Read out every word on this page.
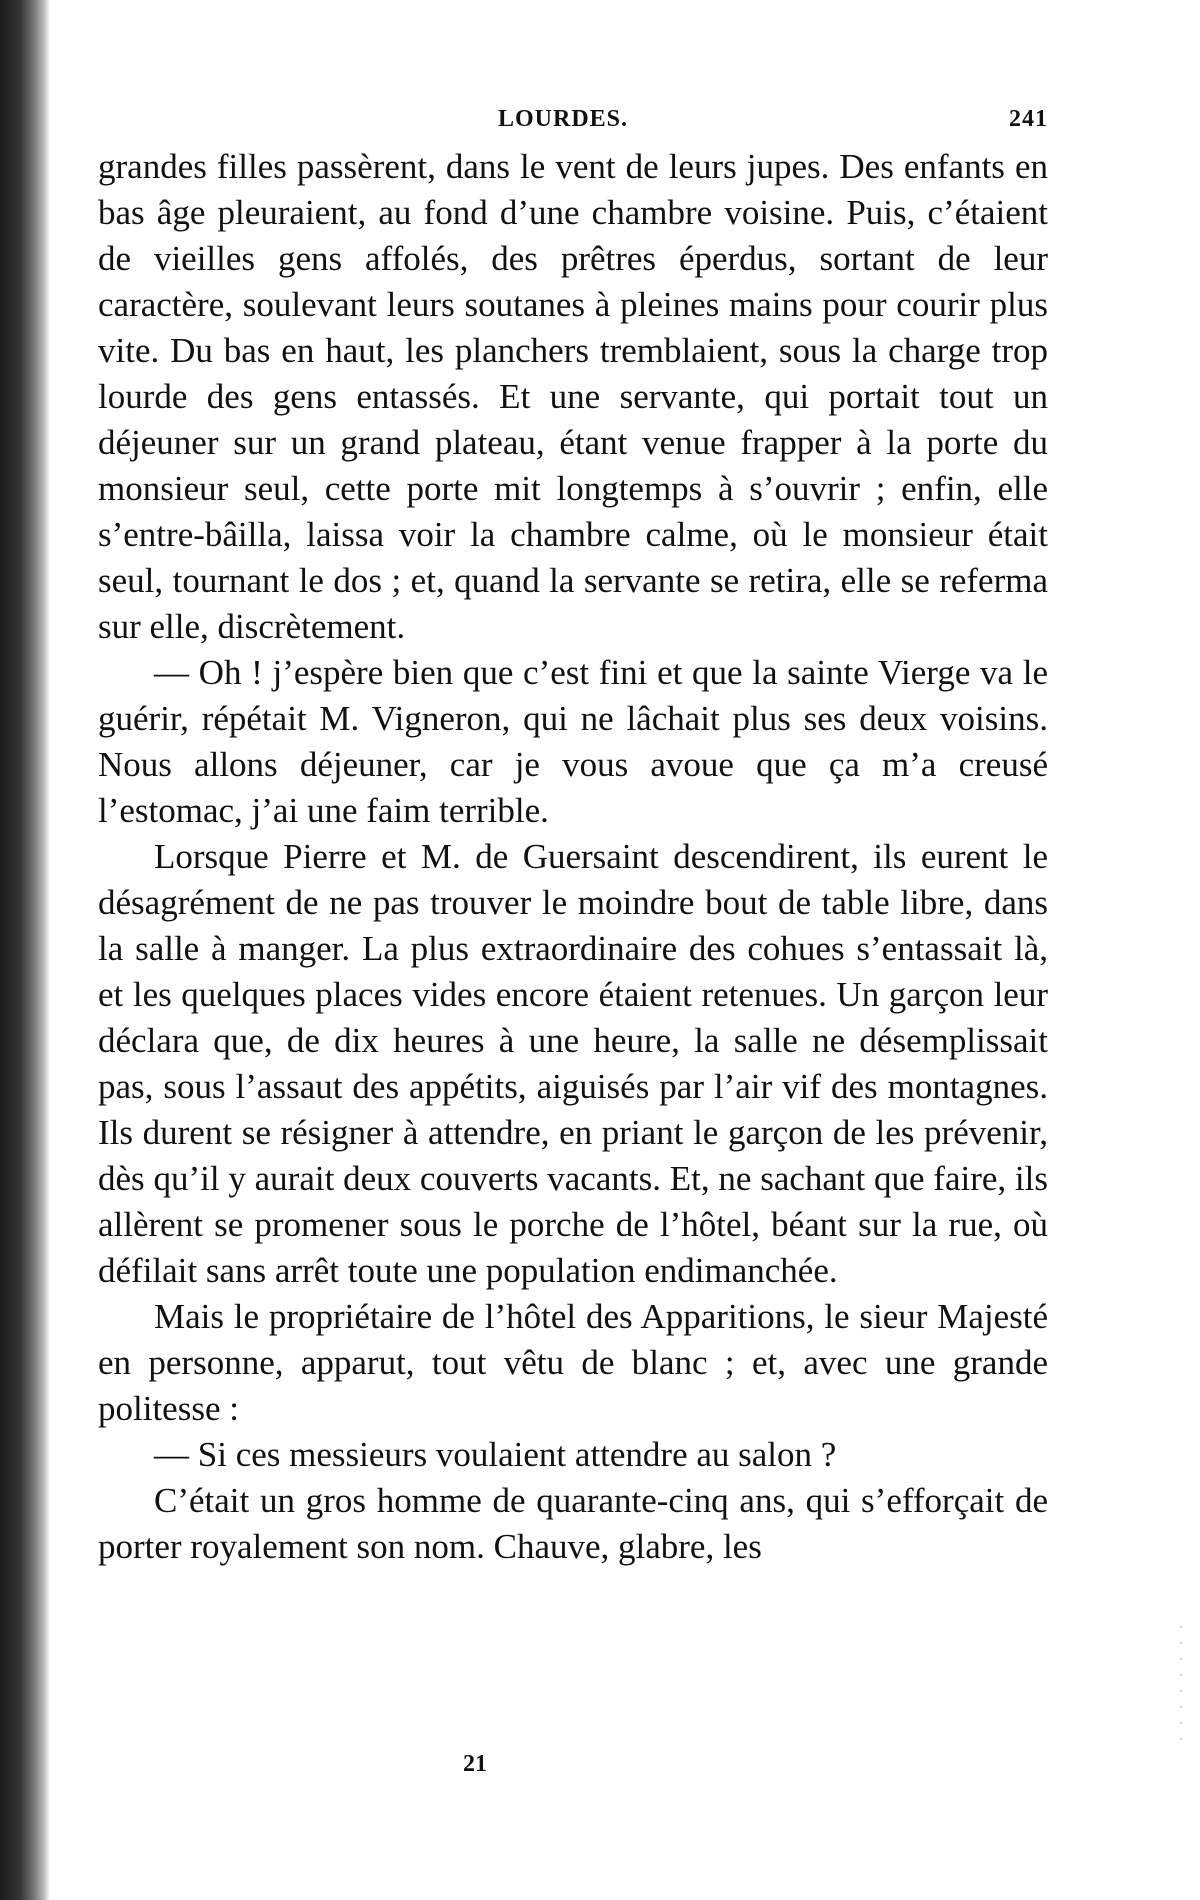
LOURDES.	241

grandes filles passèrent, dans le vent de leurs jupes. Des enfants en bas âge pleuraient, au fond d’une chambre voisine. Puis, c’étaient de vieilles gens affolés, des prêtres éperdus, sortant de leur caractère, soulevant leurs soutanes à pleines mains pour courir plus vite. Du bas en haut, les planchers tremblaient, sous la charge trop lourde des gens entassés. Et une servante, qui portait tout un déjeuner sur un grand plateau, étant venue frapper à la porte du monsieur seul, cette porte mit longtemps à s’ouvrir ; enfin, elle s’entre-bâilla, laissa voir la chambre calme, où le monsieur était seul, tournant le dos ; et, quand la servante se retira, elle se referma sur elle, discrètement.

— Oh ! j’espère bien que c’est fini et que la sainte Vierge va le guérir, répétait M. Vigneron, qui ne lâchait plus ses deux voisins. Nous allons déjeuner, car je vous avoue que ça m’a creusé l’estomac, j’ai une faim terrible.

Lorsque Pierre et M. de Guersaint descendirent, ils eurent le désagrément de ne pas trouver le moindre bout de table libre, dans la salle à manger. La plus extraordinaire des cohues s’entassait là, et les quelques places vides encore étaient retenues. Un garçon leur déclara que, de dix heures à une heure, la salle ne désemplissait pas, sous l’assaut des appétits, aiguisés par l’air vif des montagnes. Ils durent se résigner à attendre, en priant le garçon de les prévenir, dès qu’il y aurait deux couverts vacants. Et, ne sachant que faire, ils allèrent se promener sous le porche de l’hôtel, béant sur la rue, où défilait sans arrêt toute une population endimanchée.

Mais le propriétaire de l’hôtel des Apparitions, le sieur Majesté en personne, apparut, tout vêtu de blanc ; et, avec une grande politesse :

— Si ces messieurs voulaient attendre au salon ?

C’était un gros homme de quarante-cinq ans, qui s’efforçait de porter royalement son nom. Chauve, glabre, les

21
·
·
·
·
·
·
·
·
